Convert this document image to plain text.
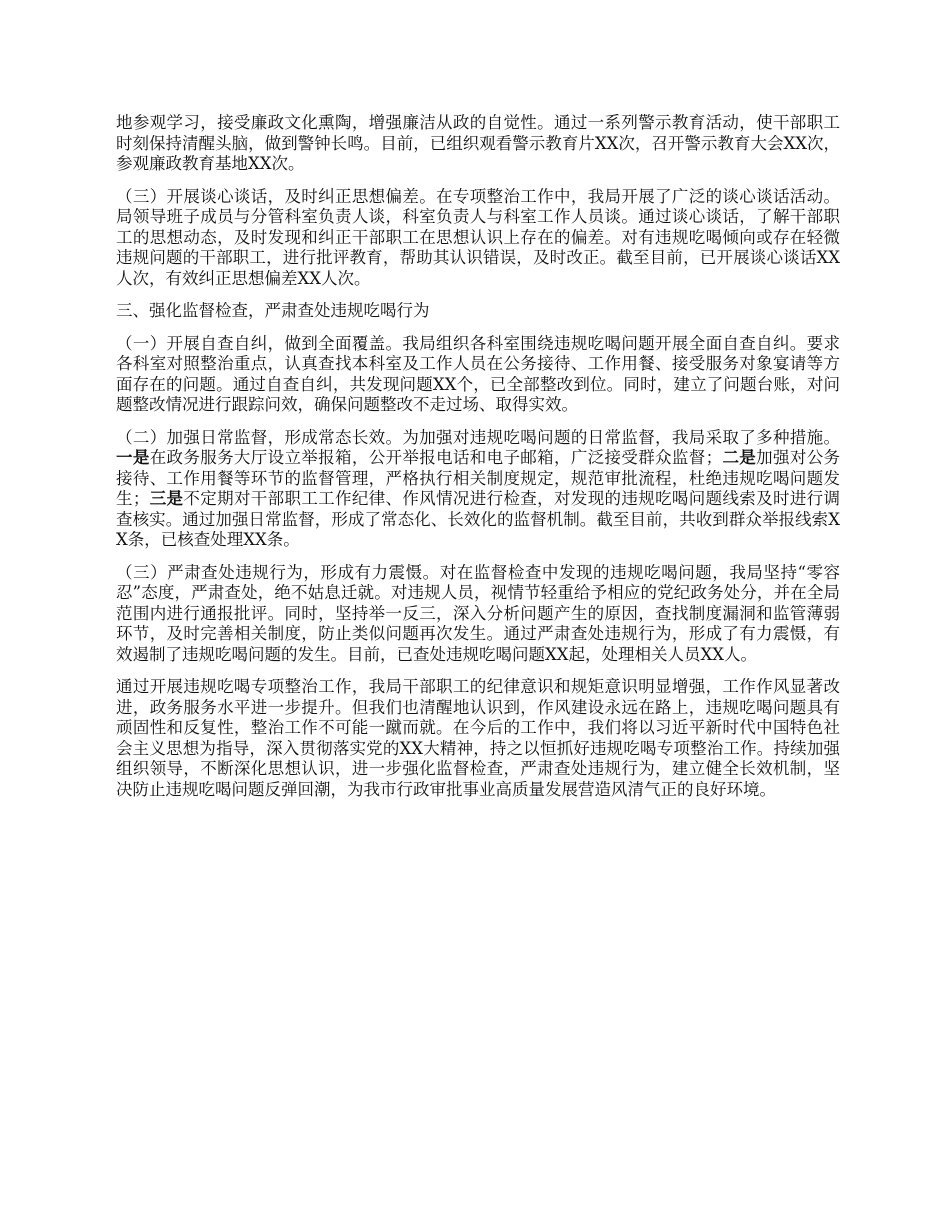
地参观学习，接受廉政文化熏陶，增强廉洁从政的自觉性。通过一系列警示教育活动，使干部职工时刻保持清醒头脑，做到警钟长鸣。目前，已组织观看警示教育片XX次，召开警示教育大会XX次，参观廉政教育基地XX次。

（三）开展谈心谈话，及时纠正思想偏差。在专项整治工作中，我局开展了广泛的谈心谈话活动。局领导班子成员与分管科室负责人谈，科室负责人与科室工作人员谈。通过谈心谈话，了解干部职工的思想动态，及时发现和纠正干部职工在思想认识上存在的偏差。对有违规吃喝倾向或存在轻微违规问题的干部职工，进行批评教育，帮助其认识错误，及时改正。截至目前，已开展谈心谈话XX人次，有效纠正思想偏差XX人次。

三、强化监督检查，严肃查处违规吃喝行为

（一）开展自查自纠，做到全面覆盖。我局组织各科室围绕违规吃喝问题开展全面自查自纠。要求各科室对照整治重点，认真查找本科室及工作人员在公务接待、工作用餐、接受服务对象宴请等方面存在的问题。通过自查自纠，共发现问题XX个，已全部整改到位。同时，建立了问题台账，对问题整改情况进行跟踪问效，确保问题整改不走过场、取得实效。

（二）加强日常监督，形成常态长效。为加强对违规吃喝问题的日常监督，我局采取了多种措施。一是在政务服务大厅设立举报箱，公开举报电话和电子邮箱，广泛接受群众监督；二是加强对公务接待、工作用餐等环节的监督管理，严格执行相关制度规定，规范审批流程，杜绝违规吃喝问题发生；三是不定期对干部职工工作纪律、作风情况进行检查，对发现的违规吃喝问题线索及时进行调查核实。通过加强日常监督，形成了常态化、长效化的监督机制。截至目前，共收到群众举报线索XX条，已核查处理XX条。

（三）严肃查处违规行为，形成有力震慑。对在监督检查中发现的违规吃喝问题，我局坚持“零容忍”态度，严肃查处，绝不姑息迁就。对违规人员，视情节轻重给予相应的党纪政务处分，并在全局范围内进行通报批评。同时，坚持举一反三，深入分析问题产生的原因，查找制度漏洞和监管薄弱环节，及时完善相关制度，防止类似问题再次发生。通过严肃查处违规行为，形成了有力震慑，有效遏制了违规吃喝问题的发生。目前，已查处违规吃喝问题XX起，处理相关人员XX人。

通过开展违规吃喝专项整治工作，我局干部职工的纪律意识和规矩意识明显增强，工作作风显著改进，政务服务水平进一步提升。但我们也清醒地认识到，作风建设永远在路上，违规吃喝问题具有顽固性和反复性，整治工作不可能一蹴而就。在今后的工作中，我们将以习近平新时代中国特色社会主义思想为指导，深入贯彻落实党的XX大精神，持之以恒抓好违规吃喝专项整治工作。持续加强组织领导，不断深化思想认识，进一步强化监督检查，严肃查处违规行为，建立健全长效机制，坚决防止违规吃喝问题反弹回潮，为我市行政审批事业高质量发展营造风清气正的良好环境。
